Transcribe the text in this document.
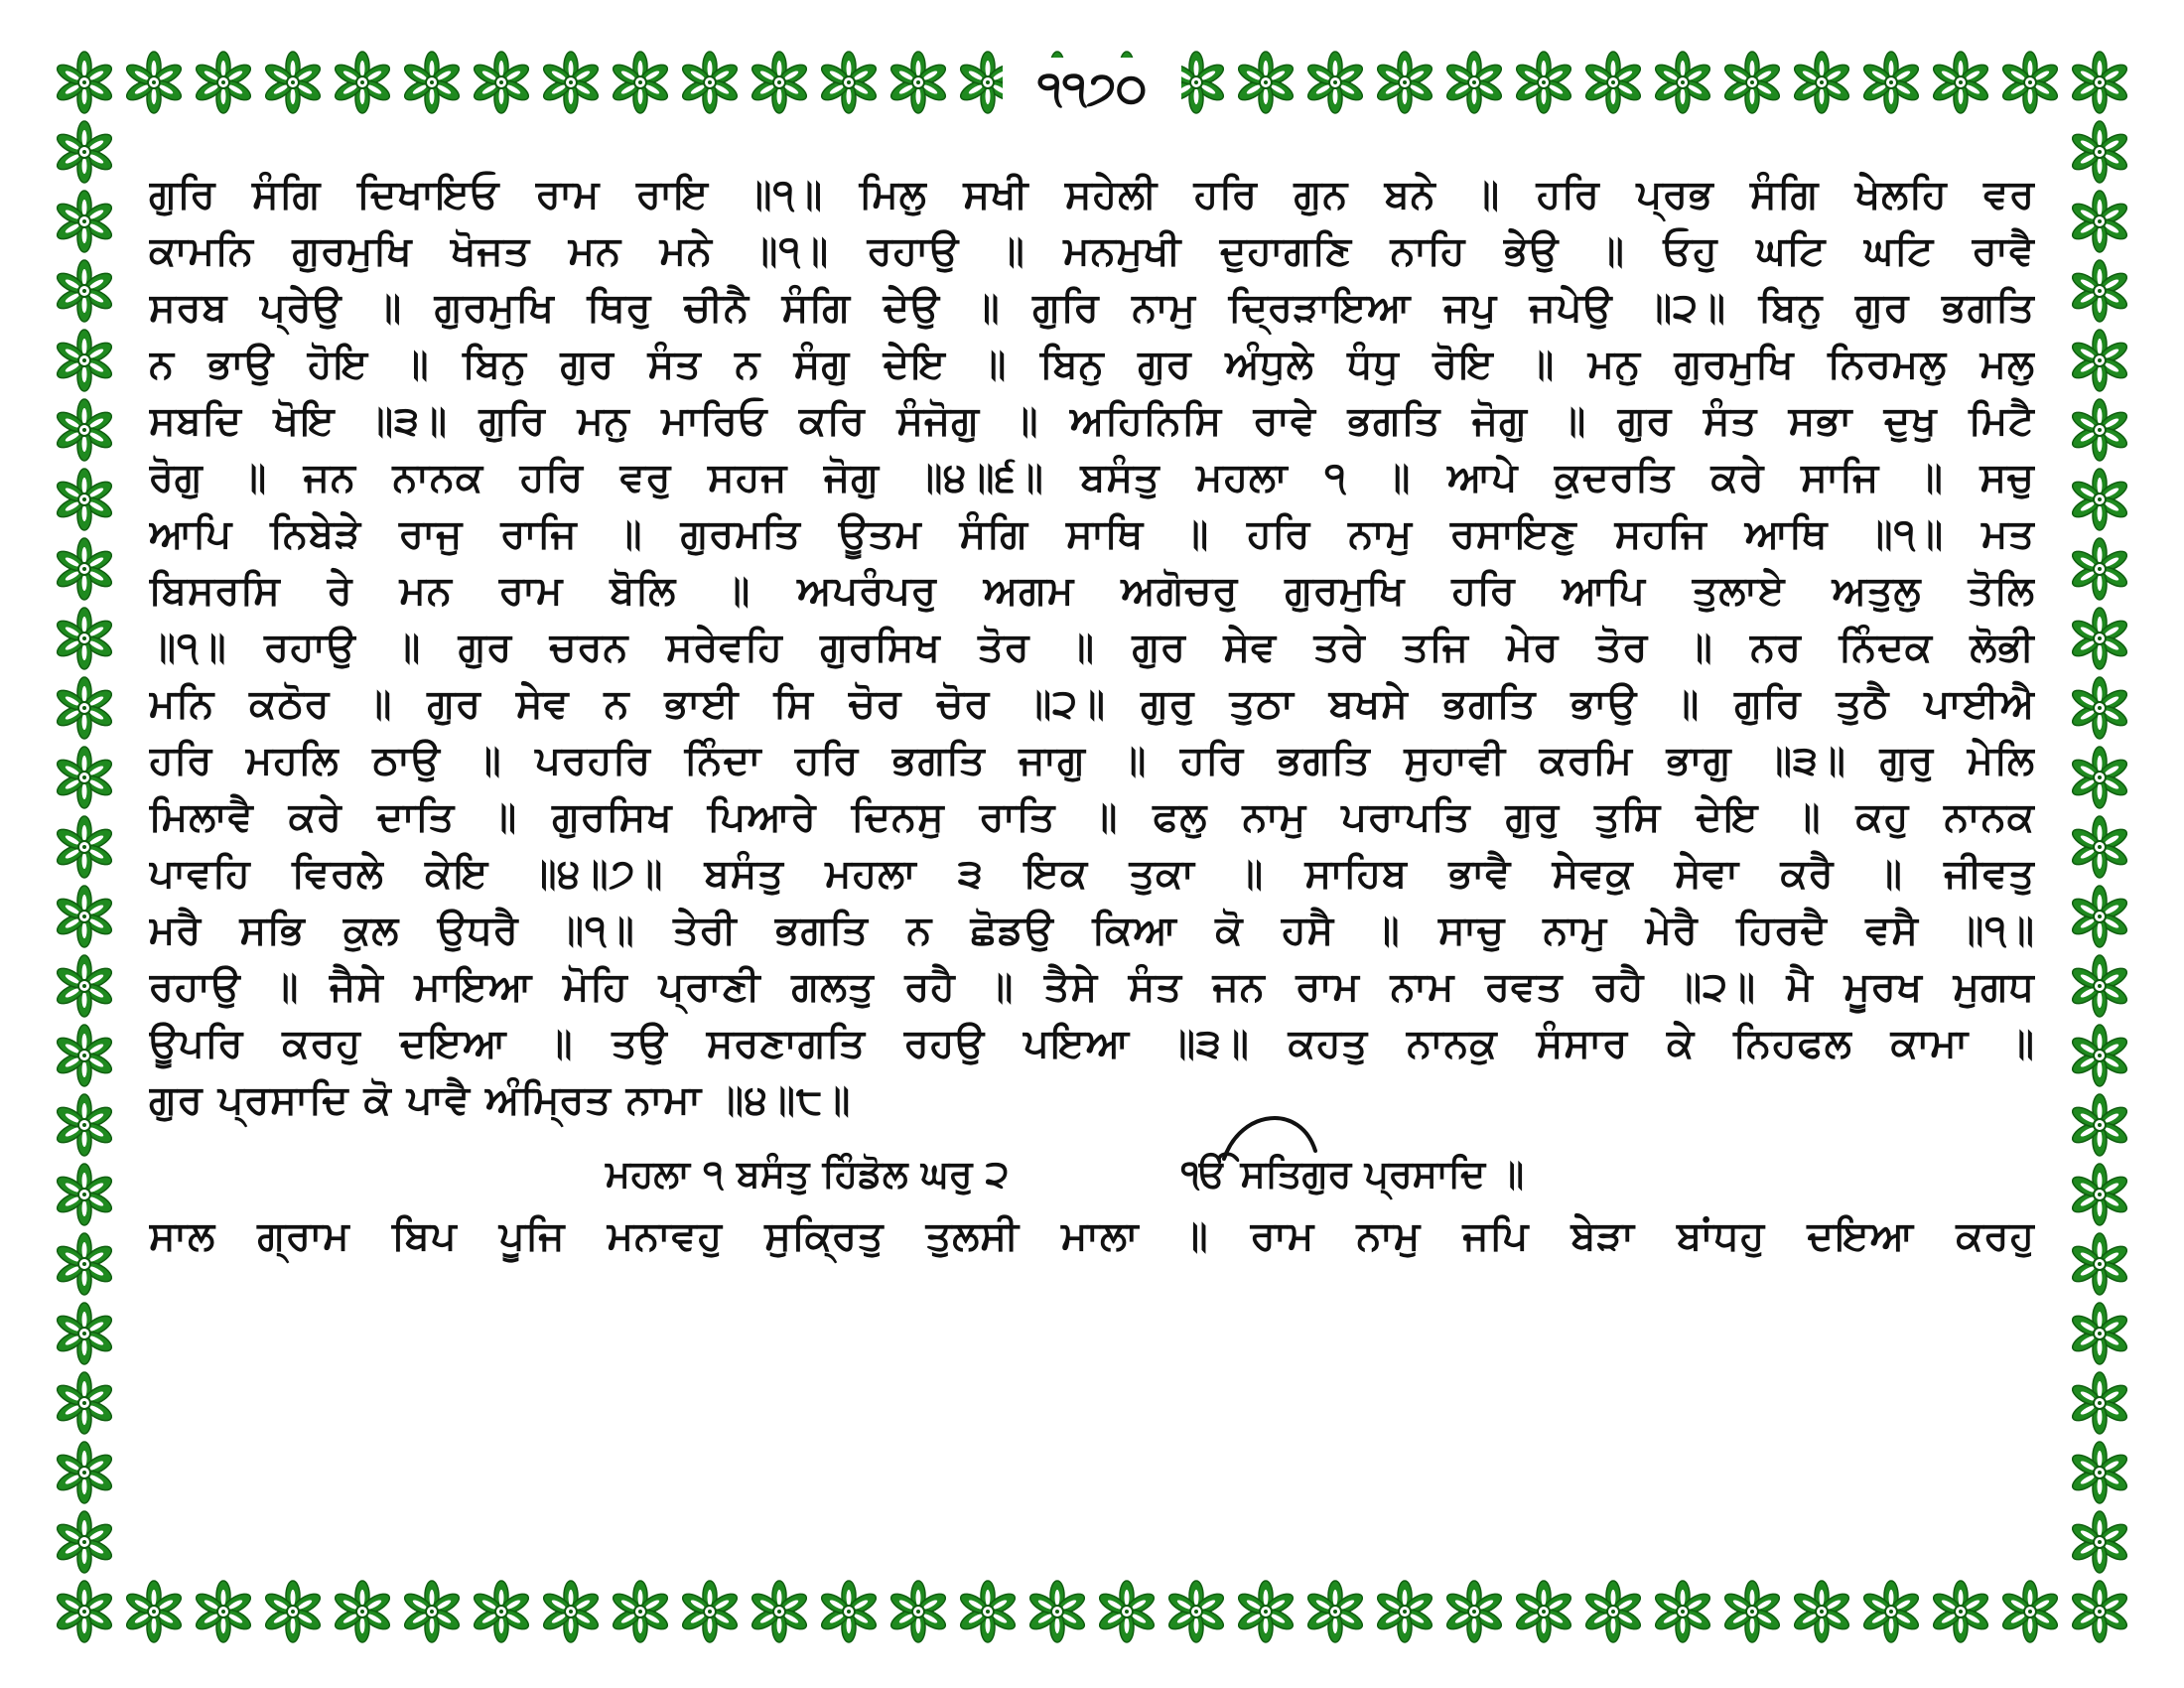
੧੧੭੦
ਗੁਰਿ ਸੰਗਿ ਦਿਖਾਇਓ ਰਾਮ ਰਾਇ ॥੧॥ ਮਿਲੁ ਸਖੀ ਸਹੇਲੀ ਹਰਿ ਗੁਨ ਬਨੇ ॥ ਹਰਿ ਪ੍ਰਭ ਸੰਗਿ ਖੇਲਹਿ ਵਰ
ਕਾਮਨਿ ਗੁਰਮੁਖਿ ਖੋਜਤ ਮਨ ਮਨੇ ॥੧॥ ਰਹਾਉ ॥ ਮਨਮੁਖੀ ਦੁਹਾਗਣਿ ਨਾਹਿ ਭੇਉ ॥ ਓਹੁ ਘਟਿ ਘਟਿ ਰਾਵੈ
ਸਰਬ ਪ੍ਰੇਉ ॥ ਗੁਰਮੁਖਿ ਥਿਰੁ ਚੀਨੈ ਸੰਗਿ ਦੇਉ ॥ ਗੁਰਿ ਨਾਮੁ ਦ੍ਰਿੜਾਇਆ ਜਪੁ ਜਪੇਉ ॥੨॥ ਬਿਨੁ ਗੁਰ ਭਗਤਿ
ਨ ਭਾਉ ਹੋਇ ॥ ਬਿਨੁ ਗੁਰ ਸੰਤ ਨ ਸੰਗੁ ਦੇਇ ॥ ਬਿਨੁ ਗੁਰ ਅੰਧੁਲੇ ਧੰਧੁ ਰੋਇ ॥ ਮਨੁ ਗੁਰਮੁਖਿ ਨਿਰਮਲੁ ਮਲੁ
ਸਬਦਿ ਖੋਇ ॥੩॥ ਗੁਰਿ ਮਨੁ ਮਾਰਿਓ ਕਰਿ ਸੰਜੋਗੁ ॥ ਅਹਿਨਿਸਿ ਰਾਵੇ ਭਗਤਿ ਜੋਗੁ ॥ ਗੁਰ ਸੰਤ ਸਭਾ ਦੁਖੁ ਮਿਟੈ
ਰੋਗੁ ॥ ਜਨ ਨਾਨਕ ਹਰਿ ਵਰੁ ਸਹਜ ਜੋਗੁ ॥੪॥੬॥ ਬਸੰਤੁ ਮਹਲਾ ੧ ॥ ਆਪੇ ਕੁਦਰਤਿ ਕਰੇ ਸਾਜਿ ॥ ਸਚੁ
ਆਪਿ ਨਿਬੇੜੇ ਰਾਜੁ ਰਾਜਿ ॥ ਗੁਰਮਤਿ ਊਤਮ ਸੰਗਿ ਸਾਥਿ ॥ ਹਰਿ ਨਾਮੁ ਰਸਾਇਣੁ ਸਹਜਿ ਆਥਿ ॥੧॥ ਮਤ
ਬਿਸਰਸਿ ਰੇ ਮਨ ਰਾਮ ਬੋਲਿ ॥ ਅਪਰੰਪਰੁ ਅਗਮ ਅਗੋਚਰੁ ਗੁਰਮੁਖਿ ਹਰਿ ਆਪਿ ਤੁਲਾਏ ਅਤੁਲੁ ਤੋਲਿ
॥੧॥ ਰਹਾਉ ॥ ਗੁਰ ਚਰਨ ਸਰੇਵਹਿ ਗੁਰਸਿਖ ਤੋਰ ॥ ਗੁਰ ਸੇਵ ਤਰੇ ਤਜਿ ਮੇਰ ਤੋਰ ॥ ਨਰ ਨਿੰਦਕ ਲੋਭੀ
ਮਨਿ ਕਠੋਰ ॥ ਗੁਰ ਸੇਵ ਨ ਭਾਈ ਸਿ ਚੋਰ ਚੋਰ ॥੨॥ ਗੁਰੁ ਤੁਠਾ ਬਖਸੇ ਭਗਤਿ ਭਾਉ ॥ ਗੁਰਿ ਤੁਠੈ ਪਾਈਐ
ਹਰਿ ਮਹਲਿ ਠਾਉ ॥ ਪਰਹਰਿ ਨਿੰਦਾ ਹਰਿ ਭਗਤਿ ਜਾਗੁ ॥ ਹਰਿ ਭਗਤਿ ਸੁਹਾਵੀ ਕਰਮਿ ਭਾਗੁ ॥੩॥ ਗੁਰੁ ਮੇਲਿ
ਮਿਲਾਵੈ ਕਰੇ ਦਾਤਿ ॥ ਗੁਰਸਿਖ ਪਿਆਰੇ ਦਿਨਸੁ ਰਾਤਿ ॥ ਫਲੁ ਨਾਮੁ ਪਰਾਪਤਿ ਗੁਰੁ ਤੁਸਿ ਦੇਇ ॥ ਕਹੁ ਨਾਨਕ
ਪਾਵਹਿ ਵਿਰਲੇ ਕੇਇ ॥੪॥੭॥ ਬਸੰਤੁ ਮਹਲਾ ੩ ਇਕ ਤੁਕਾ ॥ ਸਾਹਿਬ ਭਾਵੈ ਸੇਵਕੁ ਸੇਵਾ ਕਰੈ ॥ ਜੀਵਤੁ
ਮਰੈ ਸਭਿ ਕੁਲ ਉਧਰੈ ॥੧॥ ਤੇਰੀ ਭਗਤਿ ਨ ਛੋਡਉ ਕਿਆ ਕੋ ਹਸੈ ॥ ਸਾਚੁ ਨਾਮੁ ਮੇਰੈ ਹਿਰਦੈ ਵਸੈ ॥੧॥
ਰਹਾਉ ॥ ਜੈਸੇ ਮਾਇਆ ਮੋਹਿ ਪ੍ਰਾਣੀ ਗਲਤੁ ਰਹੈ ॥ ਤੈਸੇ ਸੰਤ ਜਨ ਰਾਮ ਨਾਮ ਰਵਤ ਰਹੈ ॥੨॥ ਮੈ ਮੂਰਖ ਮੁਗਧ
ਊਪਰਿ ਕਰਹੁ ਦਇਆ ॥ ਤਉ ਸਰਣਾਗਤਿ ਰਹਉ ਪਇਆ ॥੩॥ ਕਹਤੁ ਨਾਨਕੁ ਸੰਸਾਰ ਕੇ ਨਿਹਫਲ ਕਾਮਾ ॥
ਗੁਰ ਪ੍ਰਸਾਦਿ ਕੋ ਪਾਵੈ ਅੰਮ੍ਰਿਤ ਨਾਮਾ ॥੪॥੮॥
ਮਹਲਾ ੧ ਬਸੰਤੁ ਹਿੰਡੋਲ ਘਰੁ ੨	ੴ ਸਤਿਗੁਰ ਪ੍ਰਸਾਦਿ ॥
ਸਾਲ ਗ੍ਰਾਮ ਬਿਪ ਪੂਜਿ ਮਨਾਵਹੁ ਸੁਕ੍ਰਿਤੁ ਤੁਲਸੀ ਮਾਲਾ ॥ ਰਾਮ ਨਾਮੁ ਜਪਿ ਬੇੜਾ ਬਾਂਧਹੁ ਦਇਆ ਕਰਹੁ
